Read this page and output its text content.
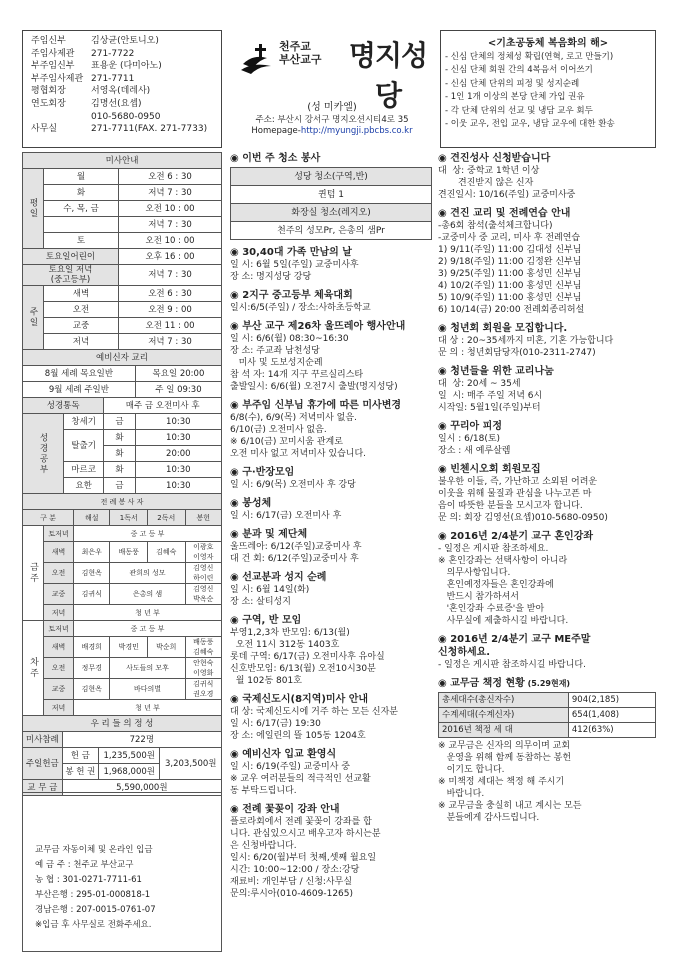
주임신부	김상균(안토니오)
주임사제관	271-7722
부주임신부	표용운 (다미아노)
부주임사제관 271-7711
평협회장	서영옥(데레사)
연도회장	김명선(요셉)
010-5680-0950
사무실	271-7711(FAX. 271-7733)
천주교
부산교구 명지성당
(성 미카엘)
주소: 부산시 강서구 명지오션시티4로 35
Homepage-http://myungji.pbcbs.co.kr
<기초공동체 복음화의 해>
- 신심 단체의 정체성 확립(연혁, 로고 만들기)
- 신심 단체 회원 간의 4복음서 이어쓰기
- 신심 단체 단위의 피정 및 성지순례
- 1인 1개 이상의 본당 단체 가입 권유
- 각 단체 단위의 선교 및 냉담 교우 회두
- 이웃 교우, 전입 교우, 냉담 교우에 대한 환송
미사안내		
평일	월	오전 6 : 30
	화	저녁 7 : 30
	수, 목, 금	오전 10 : 00
		저녁 7 : 30
	토	오전 10 : 00
토요일어린이		오후 16 : 00
토요일 저녁
(중고등부)		저녁 7 : 30
주일	새벽	오전 6 : 30
	오전	오전 9 : 00
	교중	오전 11 : 00
	저녁	저녁 7 : 30
예비신자 교리	
8월 세례 목요일반	목요일 20:00
9월 세례 주일반	주 일 09:30
성경통독		매주 금 오전미사 후	
성경공부	창세기	금	10:30
	탈출기	화	10:30
		화	20:00
	마르코	화	10:30
	요한	금	10:30
전 례 봉 사 자					
구 분		해설	1독서	2독서	봉헌
금주	토저녁	중 고 등 부			
	새벽	최은우	배동풍	김혜숙	이광호
이영자
	오전	김현옥	관희의 성모		김영신
하이린
	교중	김귀식	은총의 샘		김영신
박옥순
	저녁	청 년 부			
차주	토저녁	중 고 등 부			
	새벽	배경희	박경민	박순희	배동풍
김혜숙
	오전	정무경	사도들의 모후		안현숙
이영화
	교중	김현옥	바다의별		김귀식
권오경
	저녁	청 년 부			
우 리 들 의 정 성			
미사참례	722명		
주일헌금	헌 금	1,235,500원	3,203,500원
	봉 헌 권	1,968,000원	
교 무 금	5,590,000원		
교무금 자동이체 및 온라인 입금
예 금 주 : 천주교 부산교구
농 협 : 301-0271-7711-61
부산은행 : 295-01-000818-1
경남은행 : 207-0015-0761-07
※입금 후 사무실로 전화주세요.
◉ 이번 주 청소 봉사
성당 청소(구역,반)
퀸텀 1
화장실 청소(레지오)
천주의 성모Pr, 은총의 샘Pr
◉ 30,40대 가족 만남의 날
일 시: 6월 5일(주일) 교중미사후
장 소: 명지성당 강당
◉ 2지구 중고등부 체육대회
일시:6/5(주일) / 장소:사하초등학교
◉ 부산 교구 제26차 울뜨레아 행사안내
일 시: 6/6(월) 08:30~16:30
장 소: 주교좌 남천성당
미사 및 도보성지순례
참 석 자: 14개 지구 꾸르실리스타
출발일시: 6/6(월) 오전7시 출발(명지성당)
◉ 부주임 신부님 휴가에 따른 미사변경
6/8(수), 6/9(목) 저녁미사 없음.
6/10(금) 오전미사 없음.
※ 6/10(금) 꼬미시움 관계로
오전 미사 없고 저녁미사 있습니다.
◉ 구·반장모임
일 시: 6/9(목) 오전미사 후 강당
◉ 봉성체
일 시: 6/17(금) 오전미사 후
◉ 분과 및 제단체
울뜨레아: 6/12(주일)교중미사 후
대 건 회: 6/12(주일)교중미사 후
◉ 선교분과 성지 순례
일 시: 6월 14일(화)
장 소: 살티성지
◉ 구역, 반 모임
부영1,2,3차 반모임: 6/13(월)
오전 11시 312동 1403호
롯데 구역: 6/17(금) 오전미사후 유아실
신호반모임: 6/13(월) 오전10시30분
월 102동 801호
◉ 국제신도시(8지역)미사 안내
대 상: 국제신도시에 거주 하는 모든 신자분
일 시: 6/17(금) 19:30
장 소: 에일린의 뜰 105동 1204호
◉ 예비신자 입교 환영식
일 시: 6/19(주일) 교중미사 중
※ 교우 여러분들의 적극적인 선교활
동 부탁드립니다.
◉ 전례 꽃꽂이 강좌 안내
플로라회에서 전례 꽃꽂이 강좌를 합
니다. 관심있으시고 배우고자 하시는분
은 신청바랍니다.
일시: 6/20(월)부터 첫째,셋째 월요일
시간: 10:00~12:00 / 장소:강당
재료비: 개인부담 / 신청:사무실
문의:루시아(010-4609-1265)
◉ 견진성사 신청받습니다
대  상: 중학교 1학년 이상
견진받지 않은 신자
견진일시: 10/16(주일) 교중미사중
◉ 견진 교리 및 전례연습 안내
-총6회 참석(출석체크합니다)
-교중미사 중 교리, 미사 후 전례연습
1) 9/11(주일) 11:00 김대성 신부님
2) 9/18(주일) 11:00 김정완 신부님
3) 9/25(주일) 11:00 홍성민 신부님
4) 10/2(주일) 11:00 홍성민 신부님
5) 10/9(주일) 11:00 홍성민 신부님
6) 10/14(금) 20:00 전례회종리허설
◉ 청년회 회원을 모집합니다.
대 상 : 20~35세까지 미혼, 기혼 가능합니다
문 의 : 청년회담당자(010-2311-2747)
◉ 청년들을 위한 교리나눔
대  상: 20세 ~ 35세
일  시: 매주 주일 저녁 6시
시작일: 5월1일(주일)부터
◉ 꾸리아 피정
일시 : 6/18(토)
장소 : 새 예루살렘
◉ 빈첸시오회 회원모집
불우한 이들, 즉, 가난하고 소외된 어려운
이웃을 위해 물질과 관심을 나누고픈 마
음이 따뜻한 분들을 모시고자 합니다.
문 의: 회장 김영선(요셉)010-5680-0950)
◉ 2016년 2/4분기 교구 혼인강좌
- 일정은 게시판 참조하세요.
※ 혼인강좌는 선택사항이 아니라
의무사항입니다.
혼인예정자들은 혼인강좌에
반드시 참가하셔서
'혼인강좌 수료증'을 받아
사무실에 제출하시길 바랍니다.
◉ 2016년 2/4분기 교구 ME주말
신청하세요.
- 일정은 게시판 참조하시길 바랍니다.
◉ 교무금 책정 현황 (5.29현재)
총세대수(총신자수)	904(2,185)
수계세대(수계신자)	654(1,408)
2016년 책정 세 대	412(63%)
※ 교무금은 신자의 의무이며 교회
운영을 위해 함께 동참하는 봉헌
이기도 합니다.
※ 미책정 세대는 책정 해 주시기
바랍니다.
※ 교무금을 충실히 내고 계시는 모든
분들에게 감사드립니다.
